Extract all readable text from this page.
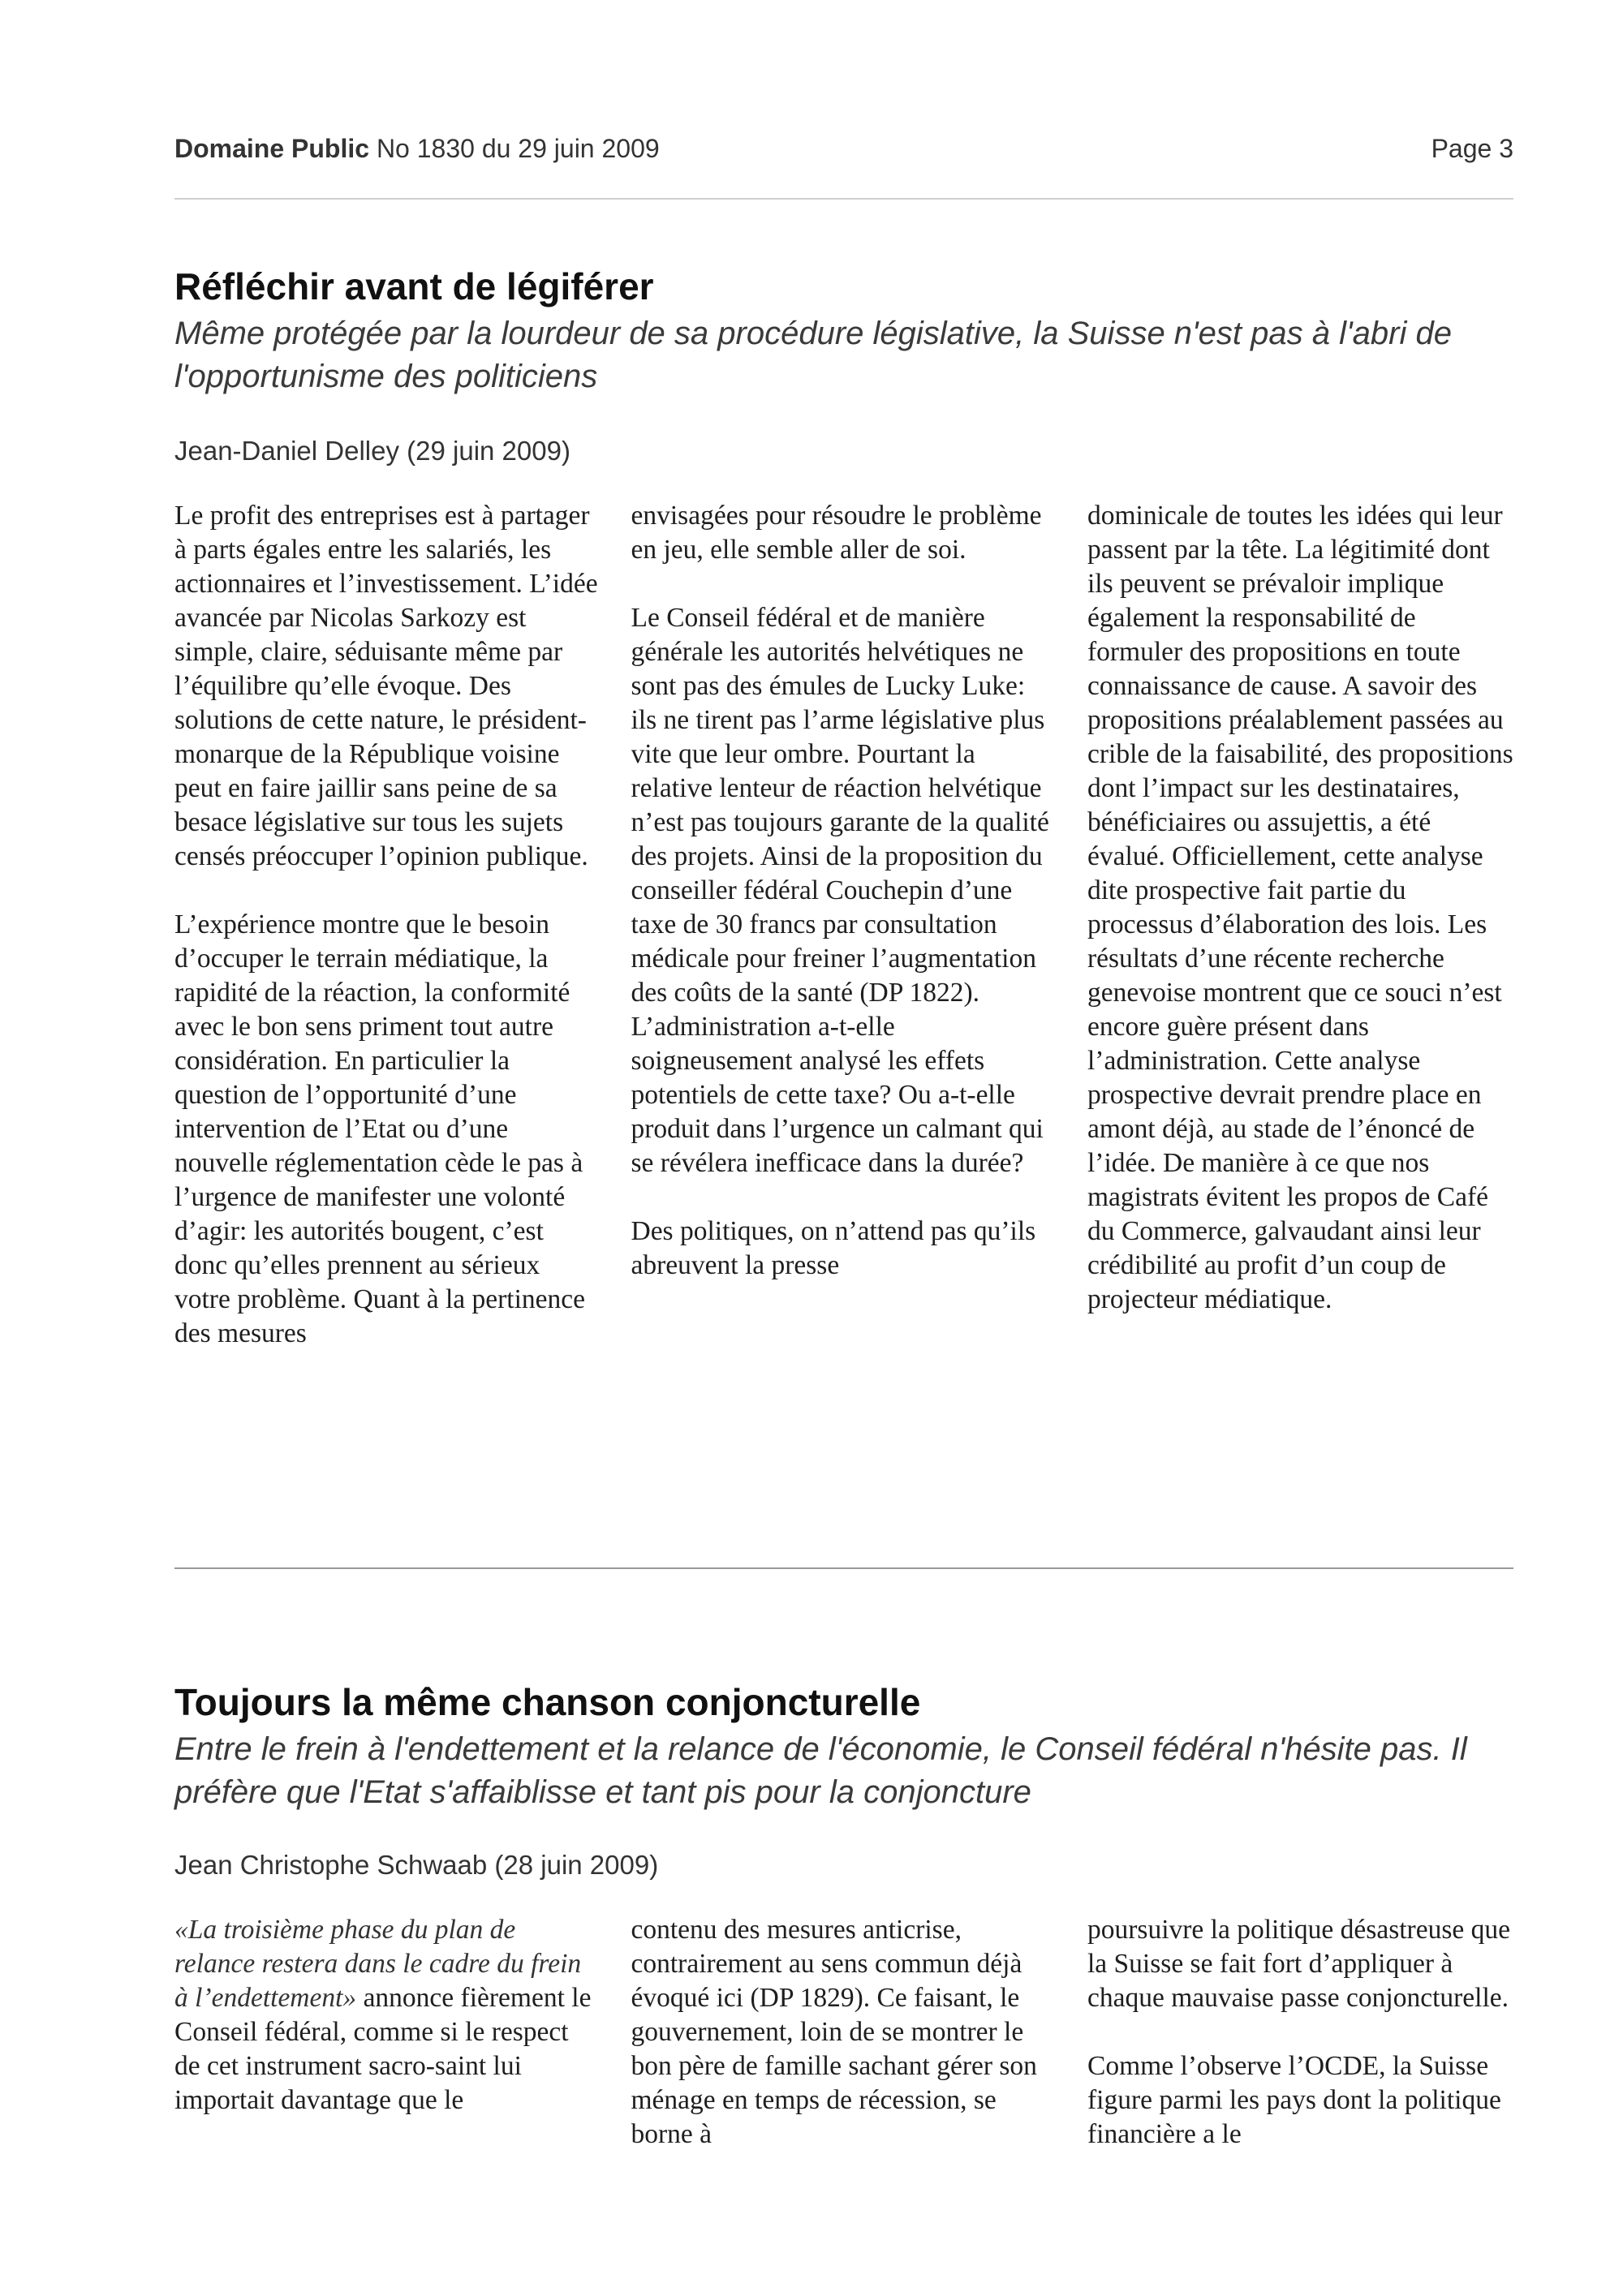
Domaine Public No 1830 du 29 juin 2009	Page 3
Réfléchir avant de légiférer

Même protégée par la lourdeur de sa procédure législative, la Suisse n'est pas à l'abri de l'opportunisme des politiciens

Jean-Daniel Delley (29 juin 2009)

Le profit des entreprises est à partager à parts égales entre les salariés, les actionnaires et l’investissement. L’idée avancée par Nicolas Sarkozy est simple, claire, séduisante même par l’équilibre qu’elle évoque. Des solutions de cette nature, le président-monarque de la République voisine peut en faire jaillir sans peine de sa besace législative sur tous les sujets censés préoccuper l’opinion publique.

L’expérience montre que le besoin d’occuper le terrain médiatique, la rapidité de la réaction, la conformité avec le bon sens priment tout autre considération. En particulier la question de l’opportunité d’une intervention de l’Etat ou d’une nouvelle réglementation cède le pas à l’urgence de manifester une volonté d’agir: les autorités bougent, c’est donc qu’elles prennent au sérieux votre problème. Quant à la pertinence des mesures

envisagées pour résoudre le problème en jeu, elle semble aller de soi.

Le Conseil fédéral et de manière générale les autorités helvétiques ne sont pas des émules de Lucky Luke: ils ne tirent pas l’arme législative plus vite que leur ombre. Pourtant la relative lenteur de réaction helvétique n’est pas toujours garante de la qualité des projets. Ainsi de la proposition du conseiller fédéral Couchepin d’une taxe de 30 francs par consultation médicale pour freiner l’augmentation des coûts de la santé (DP 1822). L’administration a-t-elle soigneusement analysé les effets potentiels de cette taxe? Ou a-t-elle produit dans l’urgence un calmant qui se révélera inefficace dans la durée?

Des politiques, on n’attend pas qu’ils abreuvent la presse

dominicale de toutes les idées qui leur passent par la tête. La légitimité dont ils peuvent se prévaloir implique également la responsabilité de formuler des propositions en toute connaissance de cause. A savoir des propositions préalablement passées au crible de la faisabilité, des propositions dont l’impact sur les destinataires, bénéficiaires ou assujettis, a été évalué. Officiellement, cette analyse dite prospective fait partie du processus d’élaboration des lois. Les résultats d’une récente recherche genevoise montrent que ce souci n’est encore guère présent dans l’administration. Cette analyse prospective devrait prendre place en amont déjà, au stade de l’énoncé de l’idée. De manière à ce que nos magistrats évitent les propos de Café du Commerce, galvaudant ainsi leur crédibilité au profit d’un coup de projecteur médiatique.

Toujours la même chanson conjoncturelle

Entre le frein à l'endettement et la relance de l'économie, le Conseil fédéral n'hésite pas. Il préfère que l'Etat s'affaiblisse et tant pis pour la conjoncture

Jean Christophe Schwaab (28 juin 2009)

«La troisième phase du plan de relance restera dans le cadre du frein à l’endettement» annonce fièrement le Conseil fédéral, comme si le respect de cet instrument sacro-saint lui importait davantage que le

contenu des mesures anticrise, contrairement au sens commun déjà évoqué ici (DP 1829). Ce faisant, le gouvernement, loin de se montrer le bon père de famille sachant gérer son ménage en temps de récession, se borne à

poursuivre la politique désastreuse que la Suisse se fait fort d’appliquer à chaque mauvaise passe conjoncturelle.

Comme l’observe l’OCDE, la Suisse figure parmi les pays dont la politique financière a le
